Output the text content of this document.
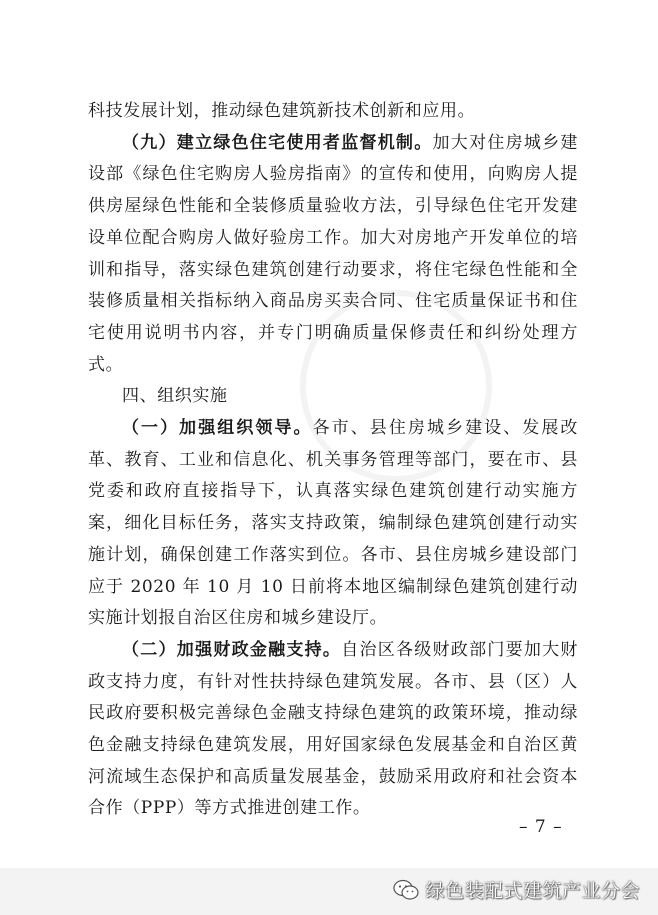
科技发展计划，推动绿色建筑新技术创新和应用。

（九）建立绿色住宅使用者监督机制。加大对住房城乡建设部《绿色住宅购房人验房指南》的宣传和使用，向购房人提供房屋绿色性能和全装修质量验收方法，引导绿色住宅开发建设单位配合购房人做好验房工作。加大对房地产开发单位的培训和指导，落实绿色建筑创建行动要求，将住宅绿色性能和全装修质量相关指标纳入商品房买卖合同、住宅质量保证书和住宅使用说明书内容，并专门明确质量保修责任和纠纷处理方式。

四、组织实施

（一）加强组织领导。各市、县住房城乡建设、发展改革、教育、工业和信息化、机关事务管理等部门，要在市、县党委和政府直接指导下，认真落实绿色建筑创建行动实施方案，细化目标任务，落实支持政策，编制绿色建筑创建行动实施计划，确保创建工作落实到位。各市、县住房城乡建设部门应于 2020 年 10 月 10 日前将本地区编制绿色建筑创建行动实施计划报自治区住房和城乡建设厅。

（二）加强财政金融支持。自治区各级财政部门要加大财政支持力度，有针对性扶持绿色建筑发展。各市、县（区）人民政府要积极完善绿色金融支持绿色建筑的政策环境，推动绿色金融支持绿色建筑发展，用好国家绿色发展基金和自治区黄河流域生态保护和高质量发展基金，鼓励采用政府和社会资本合作（PPP）等方式推进创建工作。

– 7 –
绿色装配式建筑产业分会
